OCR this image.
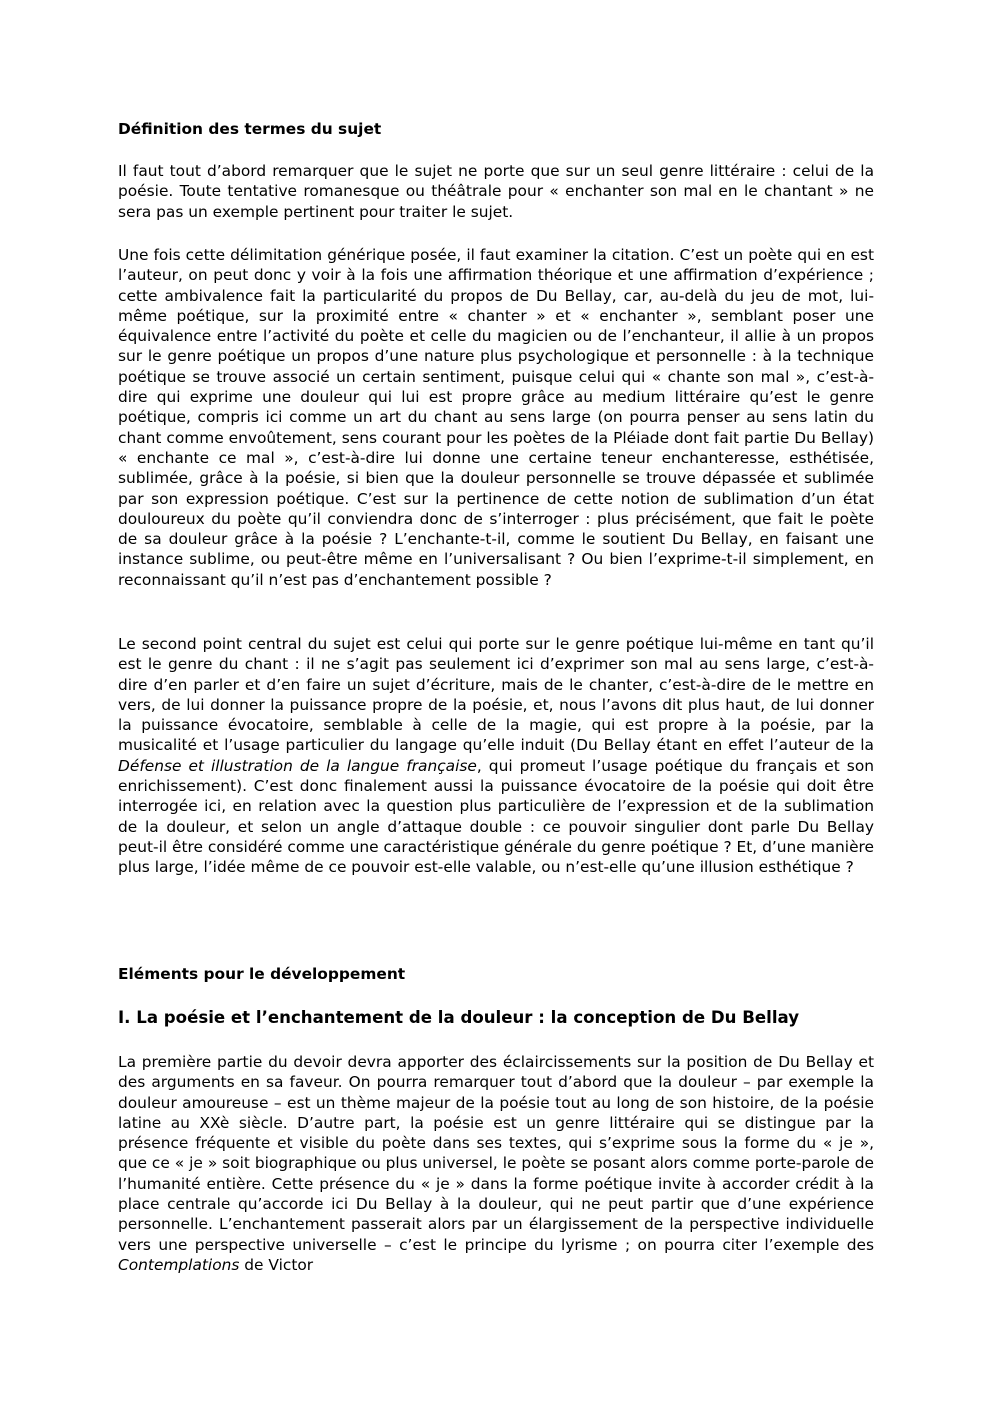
Définition des termes du sujet

Il faut tout d’abord remarquer que le sujet ne porte que sur un seul genre littéraire : celui de la poésie. Toute tentative romanesque ou théâtrale pour « enchanter son mal en le chantant » ne sera pas un exemple pertinent pour traiter le sujet.

Une fois cette délimitation générique posée, il faut examiner la citation. C’est un poète qui en est l’auteur, on peut donc y voir à la fois une affirmation théorique et une affirmation d’expérience ; cette ambivalence fait la particularité du propos de Du Bellay, car, au-delà du jeu de mot, lui-même poétique, sur la proximité entre « chanter » et « enchanter », semblant poser une équivalence entre l’activité du poète et celle du magicien ou de l’enchanteur, il allie à un propos sur le genre poétique un propos d’une nature plus psychologique et personnelle : à la technique poétique se trouve associé un certain sentiment, puisque celui qui « chante son mal », c’est-à-dire qui exprime une douleur qui lui est propre grâce au medium littéraire qu’est le genre poétique, compris ici comme un art du chant au sens large (on pourra penser au sens latin du chant comme envoûtement, sens courant pour les poètes de la Pléiade dont fait partie Du Bellay) « enchante ce mal », c’est-à-dire lui donne une certaine teneur enchanteresse, esthétisée, sublimée, grâce à la poésie, si bien que la douleur personnelle se trouve dépassée et sublimée par son expression poétique. C’est sur la pertinence de cette notion de sublimation d’un état douloureux du poète qu’il conviendra donc de s’interroger : plus précisément, que fait le poète de sa douleur grâce à la poésie ? L’enchante-t-il, comme le soutient Du Bellay, en faisant une instance sublime, ou peut-être même en l’universalisant ? Ou bien l’exprime-t-il simplement, en reconnaissant qu’il n’est pas d’enchantement possible ?

Le second point central du sujet est celui qui porte sur le genre poétique lui-même en tant qu’il est le genre du chant : il ne s’agit pas seulement ici d’exprimer son mal au sens large, c’est-à-dire d’en parler et d’en faire un sujet d’écriture, mais de le chanter, c’est-à-dire de le mettre en vers, de lui donner la puissance propre de la poésie, et, nous l’avons dit plus haut, de lui donner la puissance évocatoire, semblable à celle de la magie, qui est propre à la poésie, par la musicalité et l’usage particulier du langage qu’elle induit (Du Bellay étant en effet l’auteur de la Défense et illustration de la langue française, qui promeut l’usage poétique du français et son enrichissement). C’est donc finalement aussi la puissance évocatoire de la poésie qui doit être interrogée ici, en relation avec la question plus particulière de l’expression et de la sublimation de la douleur, et selon un angle d’attaque double : ce pouvoir singulier dont parle Du Bellay peut-il être considéré comme une caractéristique générale du genre poétique ? Et, d’une manière plus large, l’idée même de ce pouvoir est-elle valable, ou n’est-elle qu’une illusion esthétique ?

Eléments pour le développement

I. La poésie et l’enchantement de la douleur : la conception de Du Bellay

La première partie du devoir devra apporter des éclaircissements sur la position de Du Bellay et des arguments en sa faveur. On pourra remarquer tout d’abord que la douleur – par exemple la douleur amoureuse – est un thème majeur de la poésie tout au long de son histoire, de la poésie latine au XXè siècle. D’autre part, la poésie est un genre littéraire qui se distingue par la présence fréquente et visible du poète dans ses textes, qui s’exprime sous la forme du « je », que ce « je » soit biographique ou plus universel, le poète se posant alors comme porte-parole de l’humanité entière. Cette présence du « je » dans la forme poétique invite à accorder crédit à la place centrale qu’accorde ici Du Bellay à la douleur, qui ne peut partir que d’une expérience personnelle. L’enchantement passerait alors par un élargissement de la perspective individuelle vers une perspective universelle – c’est le principe du lyrisme ; on pourra citer l’exemple des Contemplations de Victor
